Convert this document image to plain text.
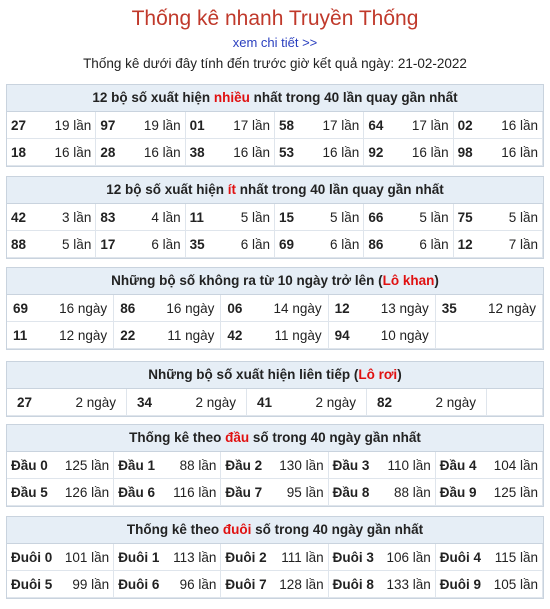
Thống kê nhanh Truyền Thống
xem chi tiết >>
Thống kê dưới đây tính đến trước giờ kết quả ngày: 21-02-2022
12 bộ số xuất hiện nhiều nhất trong 40 lần quay gần nhất
27 19 lần 97 19 lần 01 17 lần 58 17 lần 64 17 lần 02 16 lần
18 16 lần 28 16 lần 38 16 lần 53 16 lần 92 16 lần 98 16 lần
12 bộ số xuất hiện ít nhất trong 40 lần quay gần nhất
42	3 lần 83	4 lần 11	5 lần 15	5 lần 66	5 lần 75	5 lần
88	5 lần 17	6 lần 35	6 lần 69	6 lần 86	6 lần 12	7 lần
Những bộ số không ra từ 10 ngày trở lên (Lô khan)
69 16 ngày 86 16 ngày 06 14 ngày 12 13 ngày 35 12 ngày
11 12 ngày 22 11 ngày 42 11 ngày 94 10 ngày
Những bộ số xuất hiện liên tiếp (Lô rơi)
27	2 ngày 34	2 ngày 41	2 ngày 82	2 ngày
Thống kê theo đầu số trong 40 ngày gần nhất
Đầu 0 125 lần Đầu 1 88 lần Đầu 2 130 lần Đầu 3 110 lần Đầu 4 104 lần
Đầu 5 126 lần Đầu 6 116 lần Đầu 7 95 lần Đầu 8 88 lần Đầu 9 125 lần
Thống kê theo đuôi số trong 40 ngày gần nhất
Đuôi 0 101 lần Đuôi 1 113 lần Đuôi 2 111 lần Đuôi 3 106 lần Đuôi 4 115 lần
Đuôi 5 99 lần Đuôi 6 96 lần Đuôi 7 128 lần Đuôi 8 133 lần Đuôi 9 105 lần
